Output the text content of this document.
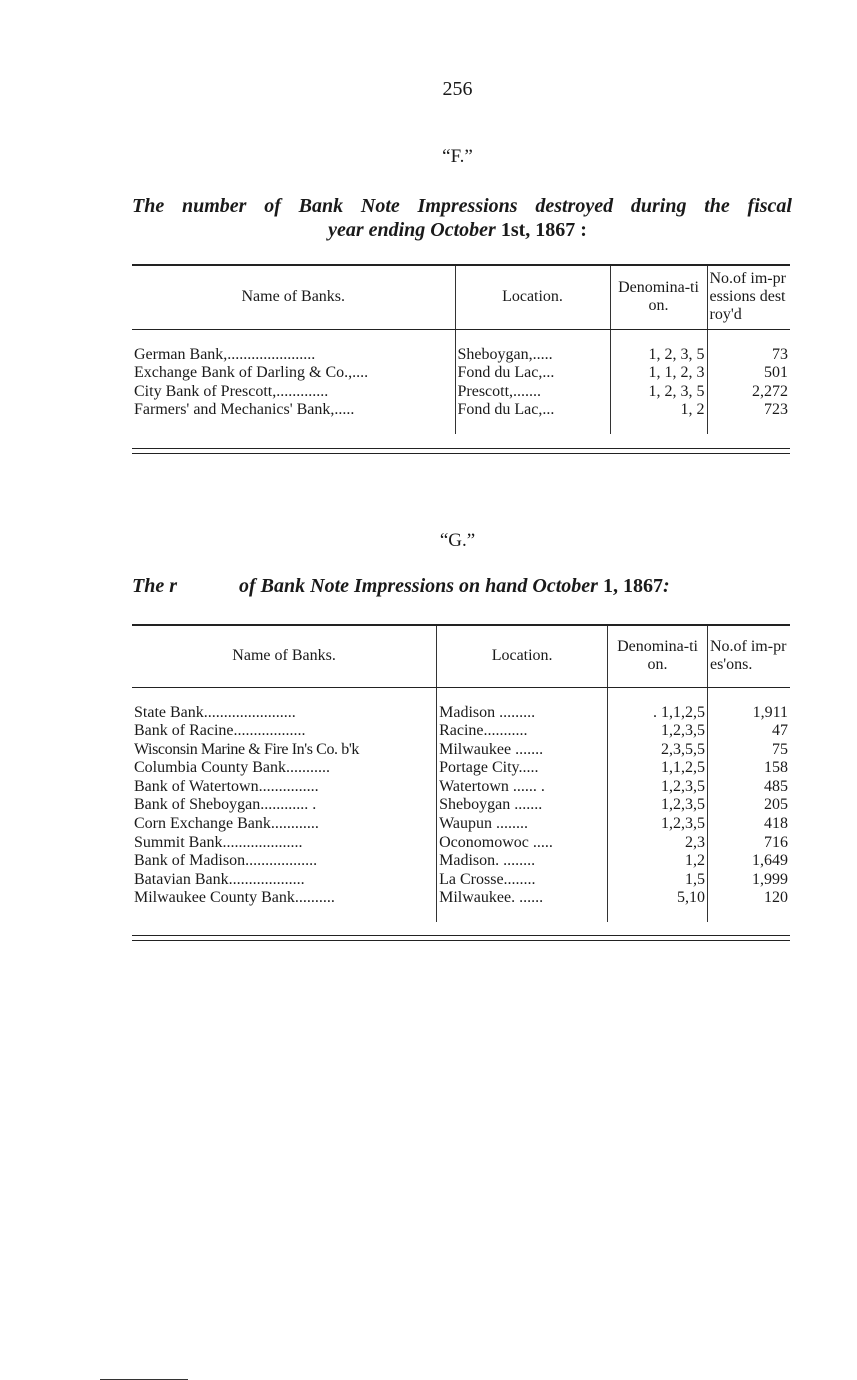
256
“F.”
The number of Bank Note Impressions destroyed during the fiscal
year ending October 1st, 1867 :
Name of Banks.	Location.	Denomina-tion.	No.of im-pressions destroy'd

German Bank,......................	Sheboygan,.....	1, 2, 3, 5	73
Exchange Bank of Darling & Co.,....	Fond du Lac,...	1, 1, 2, 3	501
City Bank of Prescott,.............	Prescott,.......	1, 2, 3, 5	2,272
Farmers' and Mechanics' Bank,.....	Fond du Lac,...	1, 2	723

“G.”
The r	of Bank Note Impressions on hand October 1, 1867:
Name of Banks.	Location.	Denomina-tion.	No.of im-pres'ons.

State Bank.......................	Madison .........	. 1,1,2,5	1,911
Bank of Racine..................	Racine...........	1,2,3,5	47
Wisconsin Marine & Fire In's Co. b'k	Milwaukee .......	2,3,5,5	75
Columbia County Bank...........	Portage City.....	1,1,2,5	158
Bank of Watertown...............	Watertown ...... .	1,2,3,5	485
Bank of Sheboygan............ .	Sheboygan .......	1,2,3,5	205
Corn Exchange Bank............	Waupun ........	1,2,3,5	418
Summit Bank....................	Oconomowoc .....	2,3	716
Bank of Madison..................	Madison. ........	1,2	1,649
Batavian Bank...................	La Crosse........	1,5	1,999
Milwaukee County Bank..........	Milwaukee. ......	5,10	120
